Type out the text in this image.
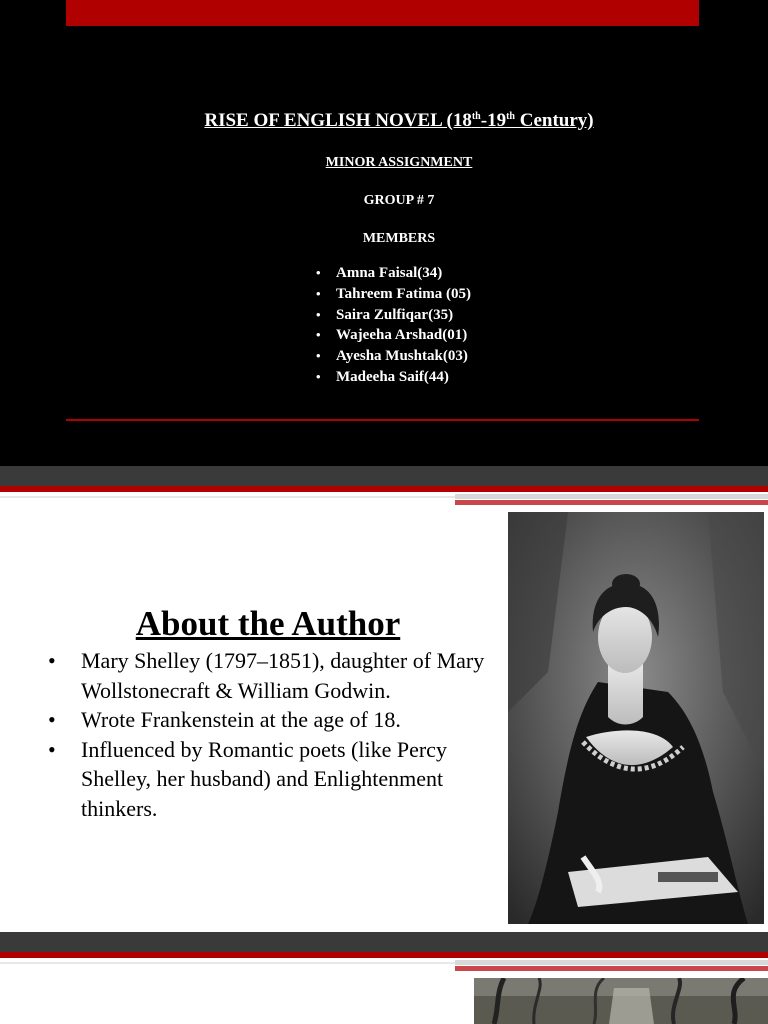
RISE OF ENGLISH NOVEL (18th-19th Century)
MINOR ASSIGNMENT
GROUP # 7
MEMBERS
• Amna Faisal(34)
• Tahreem Fatima (05)
• Saira Zulfiqar(35)
• Wajeeha Arshad(01)
• Ayesha Mushtak(03)
• Madeeha Saif(44)
About the Author
• Mary Shelley (1797–1851), daughter of Mary Wollstonecraft & William Godwin.
• Wrote Frankenstein at the age of 18.
• Influenced by Romantic poets (like Percy Shelley, her husband) and Enlightenment thinkers.
